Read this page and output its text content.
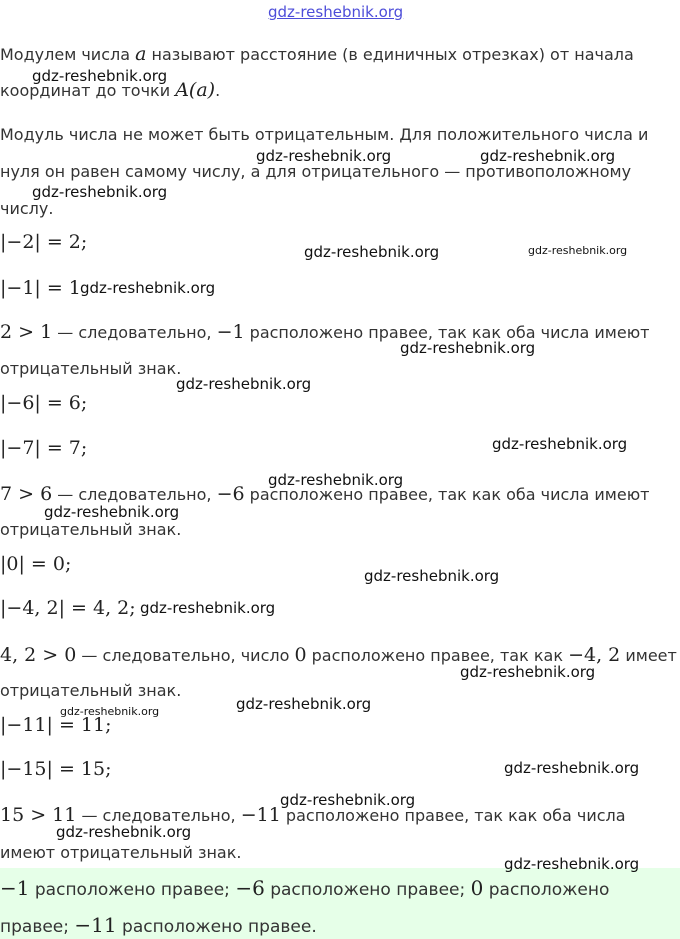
gdz-reshebnik.org
Модулем числа a называют расстояние (в единичных отрезках) от начала
координат до точки A(a).
Модуль числа не может быть отрицательным. Для положительного числа и
нуля он равен самому числу, а для отрицательного — противоположному
числу.
|−2| = 2;
|−1| = 1
2 > 1 — следовательно, −1 расположено правее, так как оба числа имеют
отрицательный знак.
|−6| = 6;
|−7| = 7;
7 > 6 — следовательно, −6 расположено правее, так как оба числа имеют
отрицательный знак.
|0| = 0;
|−4, 2| = 4, 2;
4, 2 > 0 — следовательно, число 0 расположено правее, так как −4, 2 имеет
отрицательный знак.
|−11| = 11;
|−15| = 15;
15 > 11 — следовательно, −11 расположено правее, так как оба числа
имеют отрицательный знак.
−1 расположено правее; −6 расположено правее; 0 расположено
правее; −11 расположено правее.
gdz-reshebnik.org
gdz-reshebnik.org	gdz-reshebnik.org
gdz-reshebnik.org
gdz-reshebnik.org	gdz-reshebnik.org
gdz-reshebnik.org
gdz-reshebnik.org
gdz-reshebnik.org
gdz-reshebnik.org
gdz-reshebnik.org
gdz-reshebnik.org
gdz-reshebnik.org
gdz-reshebnik.org
gdz-reshebnik.org
gdz-reshebnik.org
gdz-reshebnik.org
gdz-reshebnik.org
gdz-reshebnik.org
gdz-reshebnik.org
gdz-reshebnik.org
